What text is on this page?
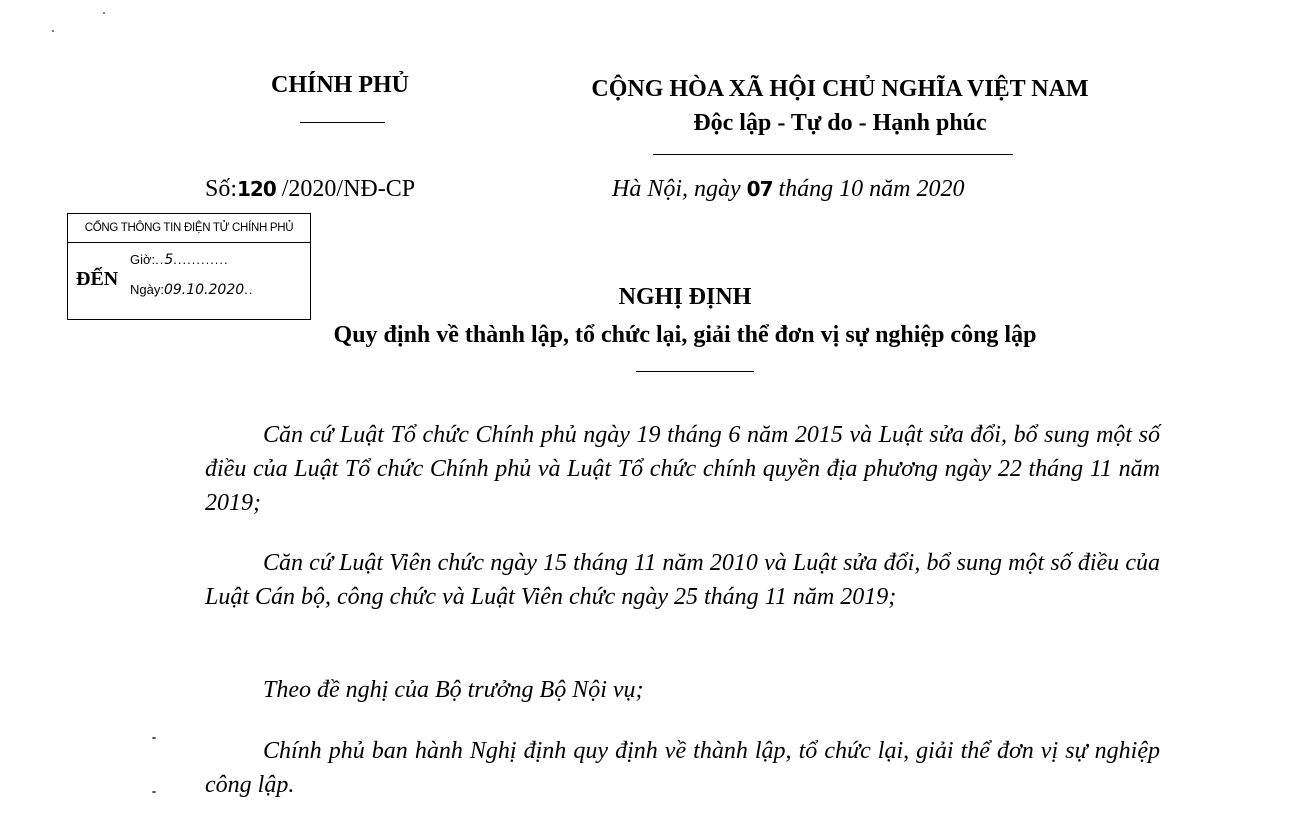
CHÍNH PHỦ	CỘNG HÒA XÃ HỘI CHỦ NGHĨA VIỆT NAM
Độc lập - Tự do - Hạnh phúc
Số:120 /2020/NĐ-CP	Hà Nội, ngày 07 tháng 10 năm 2020
CỔNG THÔNG TIN ĐIỆN TỬ CHÍNH PHỦ
ĐẾN
Giờ:..5............
Ngày:09.10.2020..	NGHỊ ĐỊNH
Quy định về thành lập, tổ chức lại, giải thể đơn vị sự nghiệp công lập

Căn cứ Luật Tổ chức Chính phủ ngày 19 tháng 6 năm 2015 và Luật sửa đổi, bổ sung một số điều của Luật Tổ chức Chính phủ và Luật Tổ chức chính quyền địa phương ngày 22 tháng 11 năm 2019;

Căn cứ Luật Viên chức ngày 15 tháng 11 năm 2010 và Luật sửa đổi, bổ sung một số điều của Luật Cán bộ, công chức và Luật Viên chức ngày 25 tháng 11 năm 2019;

Theo đề nghị của Bộ trưởng Bộ Nội vụ;

Chính phủ ban hành Nghị định quy định về thành lập, tổ chức lại, giải thể đơn vị sự nghiệp công lập.
